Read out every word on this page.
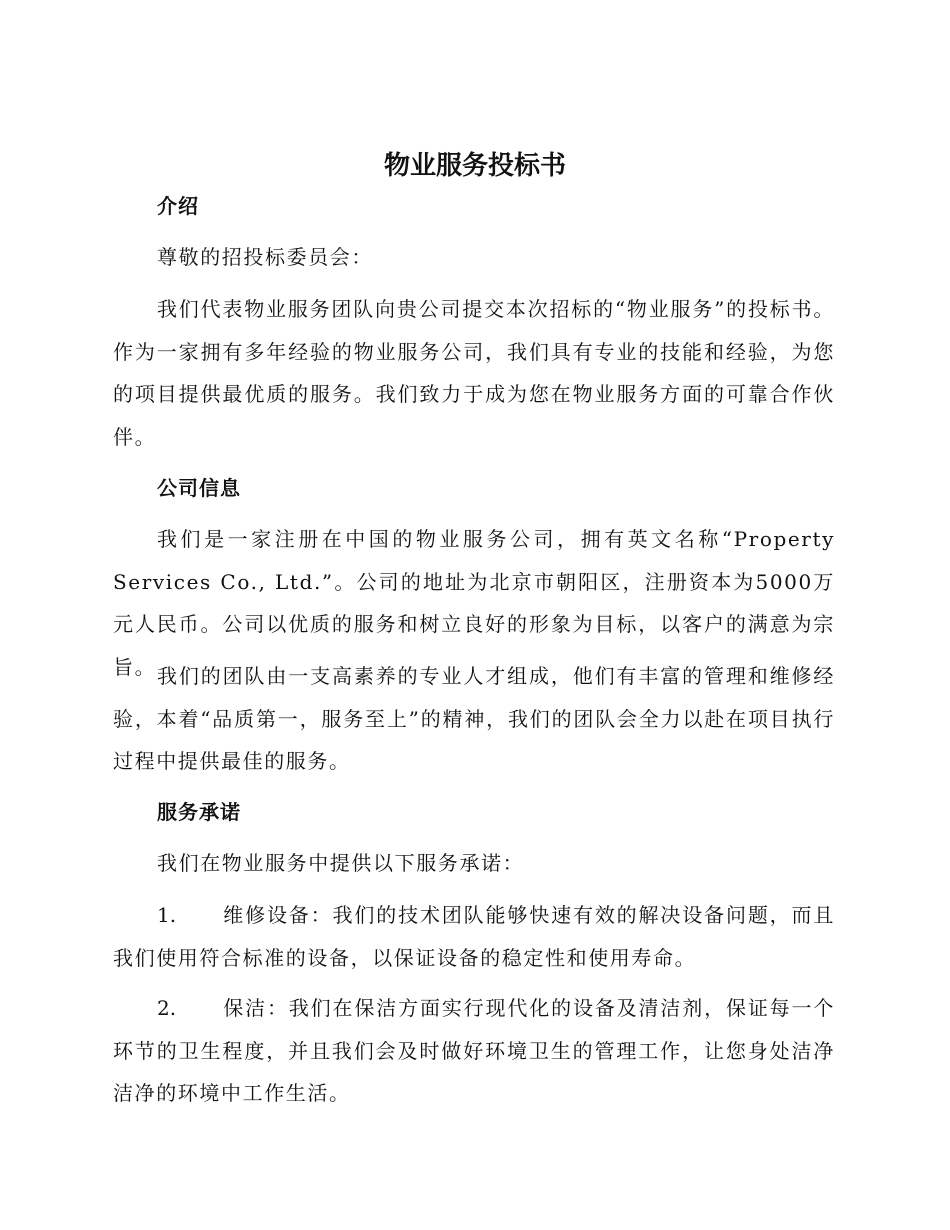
物业服务投标书
介绍

尊敬的招投标委员会：

我们代表物业服务团队向贵公司提交本次招标的“物业服务”的投标书。作为一家拥有多年经验的物业服务公司，我们具有专业的技能和经验，为您的项目提供最优质的服务。我们致力于成为您在物业服务方面的可靠合作伙伴。

公司信息

我们是一家注册在中国的物业服务公司，拥有英文名称“Property Services Co., Ltd.”。公司的地址为北京市朝阳区，注册资本为5000万元人民币。公司以优质的服务和树立良好的形象为目标，以客户的满意为宗旨。 我们的团队由一支高素养的专业人才组成，他们有丰富的管理和维修经验，本着“品质第一，服务至上”的精神，我们的团队会全力以赴在项目执行过程中提供最佳的服务。

服务承诺

我们在物业服务中提供以下服务承诺：

1. 维修设备：我们的技术团队能够快速有效的解决设备问题，而且我们使用符合标准的设备，以保证设备的稳定性和使用寿命。

2. 保洁：我们在保洁方面实行现代化的设备及清洁剂，保证每一个环节的卫生程度，并且我们会及时做好环境卫生的管理工作，让您身处洁净洁净的环境中工作生活。
